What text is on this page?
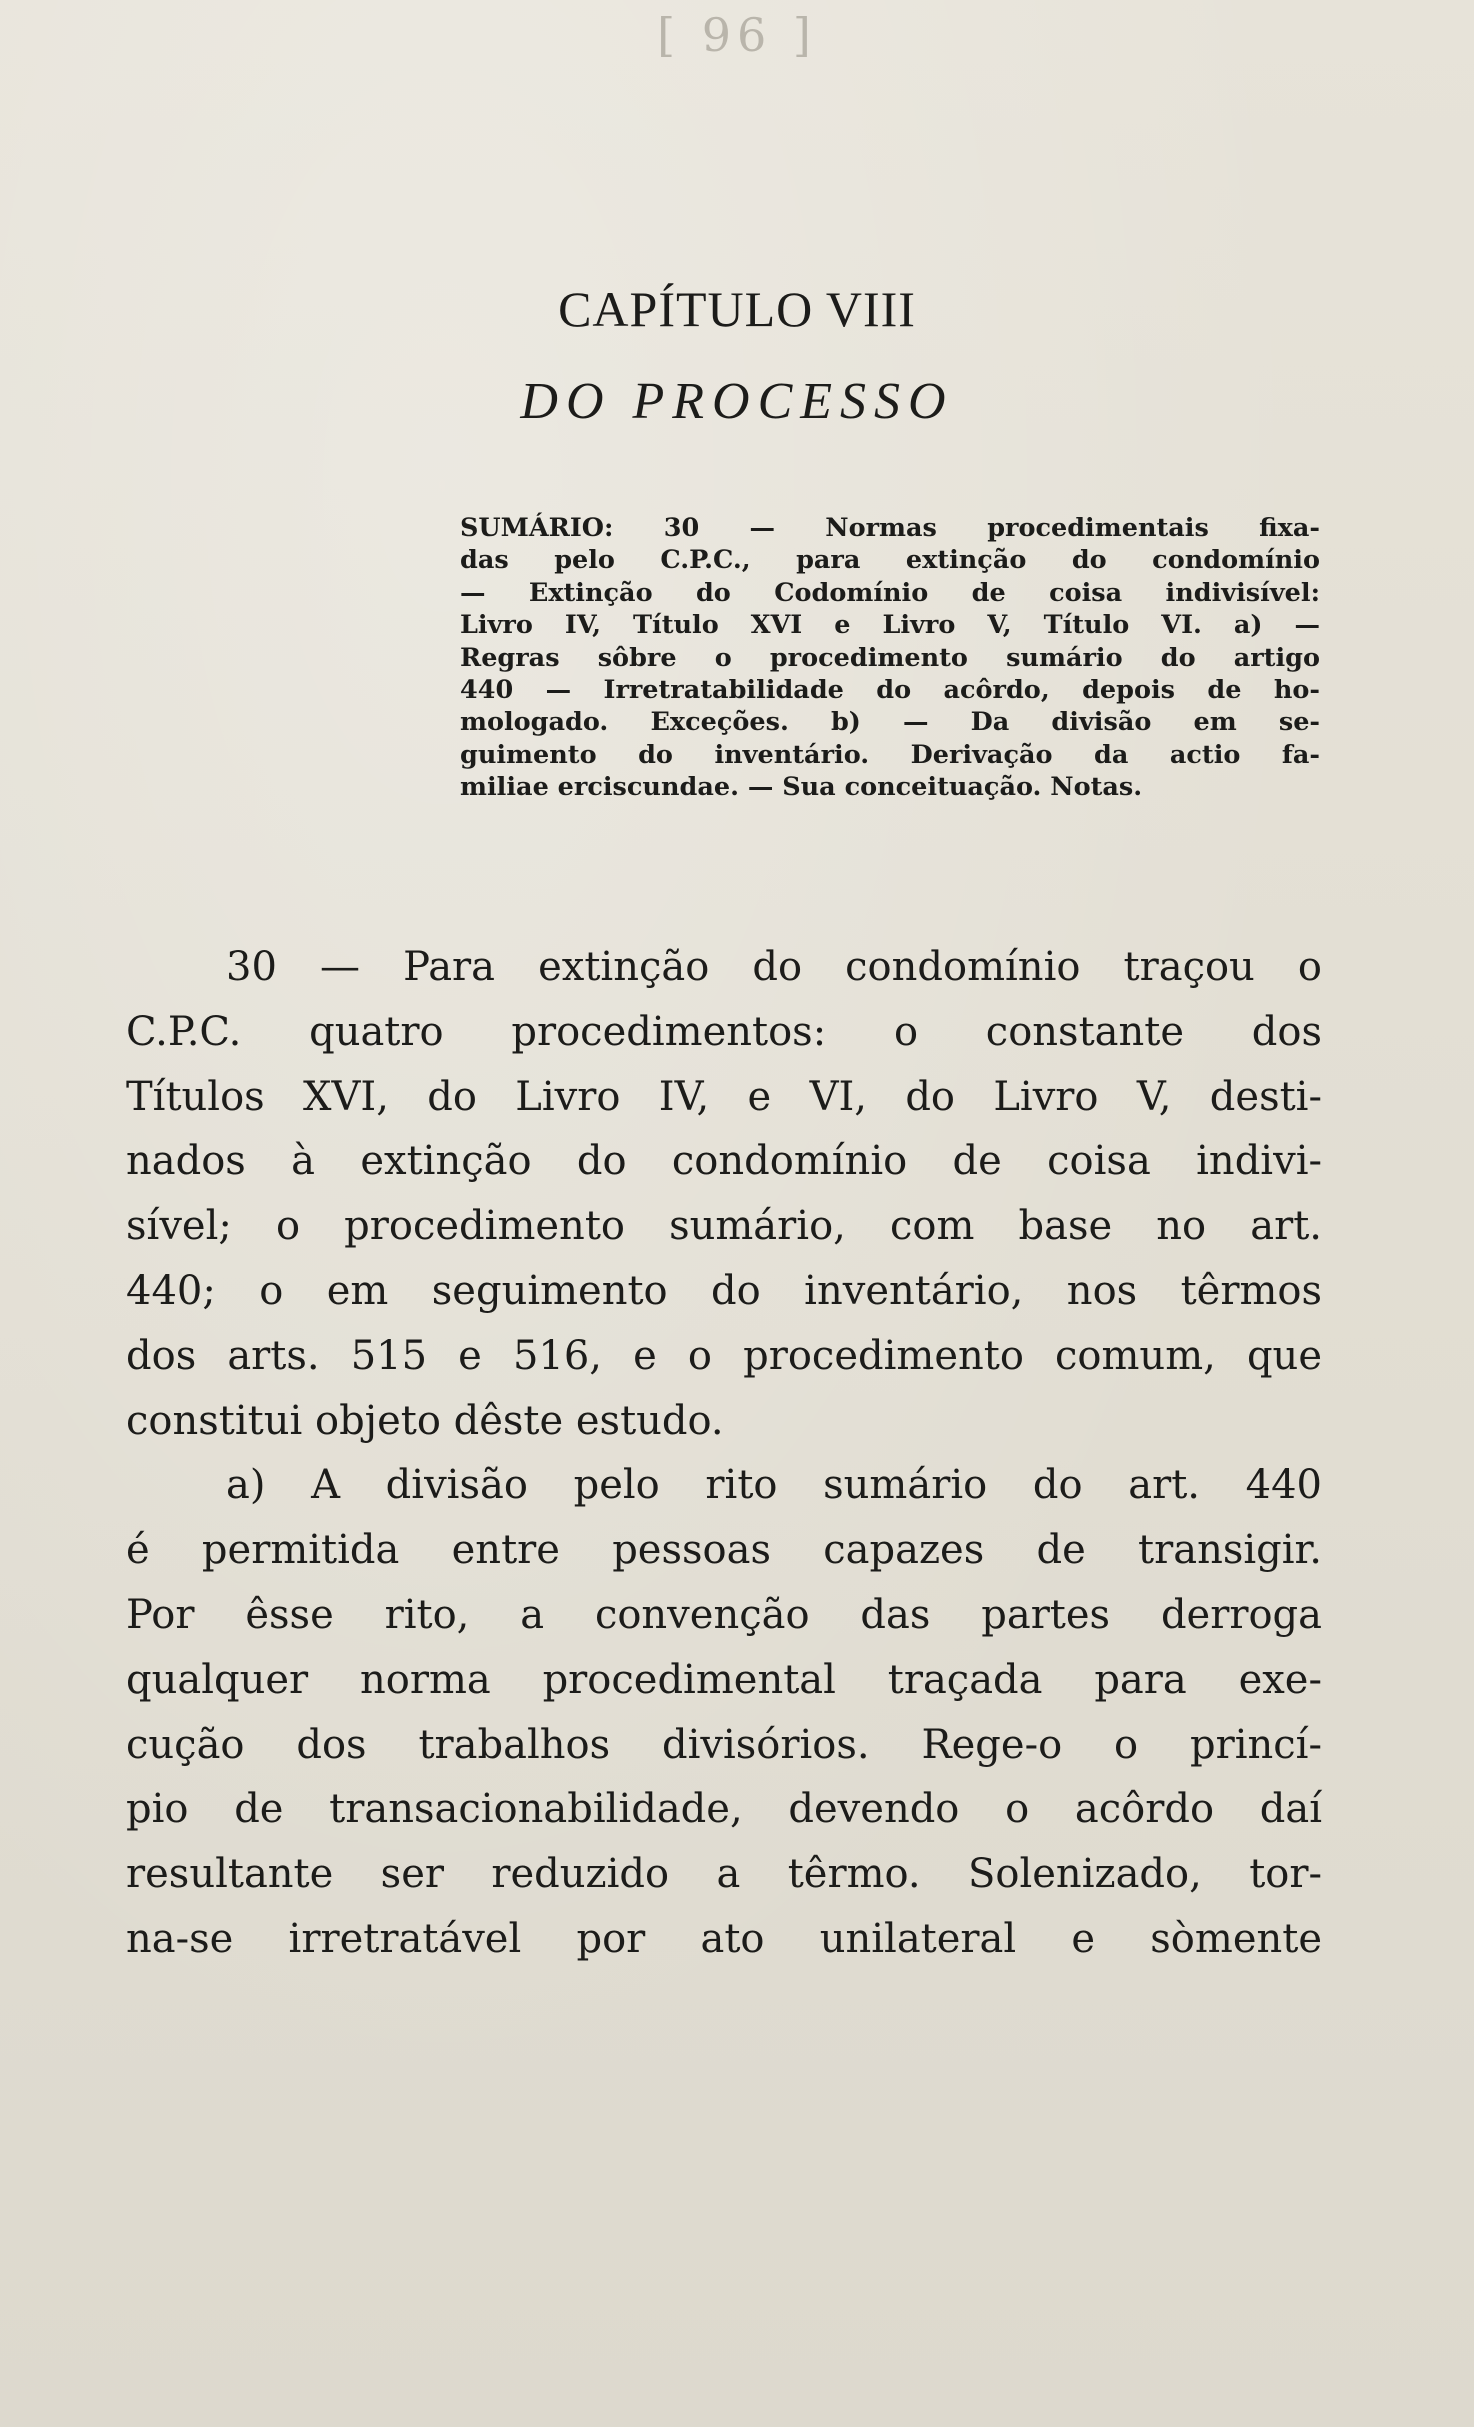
[ 96 ]
CAPÍTULO VIII
DO PROCESSO
SUMÁRIO: 30 — Normas procedimentais fixa-
das pelo C.P.C., para extinção do condomínio
— Extinção do Codomínio de coisa indivisível:
Livro IV, Título XVI e Livro V, Título VI. a) —
Regras sôbre o procedimento sumário do artigo
440 — Irretratabilidade do acôrdo, depois de ho-
mologado. Exceções. b) — Da divisão em se-
guimento do inventário. Derivação da actio fa-
miliae erciscundae. — Sua conceituação. Notas.
30 — Para extinção do condomínio traçou o
C.P.C. quatro procedimentos: o constante dos
Títulos XVI, do Livro IV, e VI, do Livro V, desti-
nados à extinção do condomínio de coisa indivi-
sível; o procedimento sumário, com base no art.
440; o em seguimento do inventário, nos têrmos
dos arts. 515 e 516, e o procedimento comum, que
constitui objeto dêste estudo.
a) A divisão pelo rito sumário do art. 440
é permitida entre pessoas capazes de transigir.
Por êsse rito, a convenção das partes derroga
qualquer norma procedimental traçada para exe-
cução dos trabalhos divisórios. Rege-o o princí-
pio de transacionabilidade, devendo o acôrdo daí
resultante ser reduzido a têrmo. Solenizado, tor-
na-se irretratável por ato unilateral e sòmente
